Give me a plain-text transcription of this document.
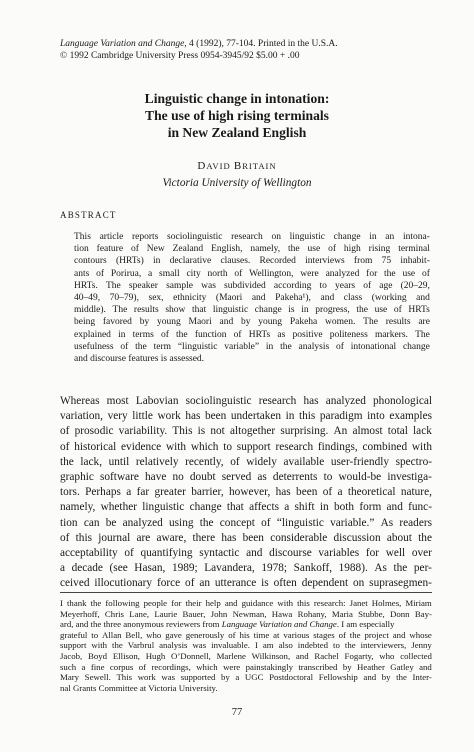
Language Variation and Change, 4 (1992), 77-104. Printed in the U.S.A.
© 1992 Cambridge University Press 0954-3945/92 $5.00 + .00
Linguistic change in intonation:
The use of high rising terminals
in New Zealand English
DAVID BRITAIN
Victoria University of Wellington
ABSTRACT
This article reports sociolinguistic research on linguistic change in an intona-
tion feature of New Zealand English, namely, the use of high rising terminal
contours (HRTs) in declarative clauses. Recorded interviews from 75 inhabit-
ants of Porirua, a small city north of Wellington, were analyzed for the use of
HRTs. The speaker sample was subdivided according to years of age (20–29,
40–49, 70–79), sex, ethnicity (Maori and Pakeha¹), and class (working and
middle). The results show that linguistic change is in progress, the use of HRTs
being favored by young Maori and by young Pakeha women. The results are
explained in terms of the function of HRTs as positive politeness markers. The
usefulness of the term “linguistic variable” in the analysis of intonational change
and discourse features is assessed.
Whereas most Labovian sociolinguistic research has analyzed phonological
variation, very little work has been undertaken in this paradigm into examples
of prosodic variability. This is not altogether surprising. An almost total lack
of historical evidence with which to support research findings, combined with
the lack, until relatively recently, of widely available user-friendly spectro-
graphic software have no doubt served as deterrents to would-be investiga-
tors. Perhaps a far greater barrier, however, has been of a theoretical nature,
namely, whether linguistic change that affects a shift in both form and func-
tion can be analyzed using the concept of “linguistic variable.” As readers
of this journal are aware, there has been considerable discussion about the
acceptability of quantifying syntactic and discourse variables for well over
a decade (see Hasan, 1989; Lavandera, 1978; Sankoff, 1988). As the per-
ceived illocutionary force of an utterance is often dependent on suprasegmen-
I thank the following people for their help and guidance with this research: Janet Holmes, Miriam
Meyerhoff, Chris Lane, Laurie Bauer, John Newman, Hawa Rohany, Maria Stubbe, Donn Bay-
ard, and the three anonymous reviewers from Language Variation and Change. I am especially
grateful to Allan Bell, who gave generously of his time at various stages of the project and whose
support with the Varbrul analysis was invaluable. I am also indebted to the interviewers, Jenny
Jacob, Boyd Ellison, Hugh O’Donnell, Marlene Wilkinson, and Rachel Fogarty, who collected
such a fine corpus of recordings, which were painstakingly transcribed by Heather Gatley and
Mary Sewell. This work was supported by a UGC Postdoctoral Fellowship and by the Inter-
nal Grants Committee at Victoria University.
77
